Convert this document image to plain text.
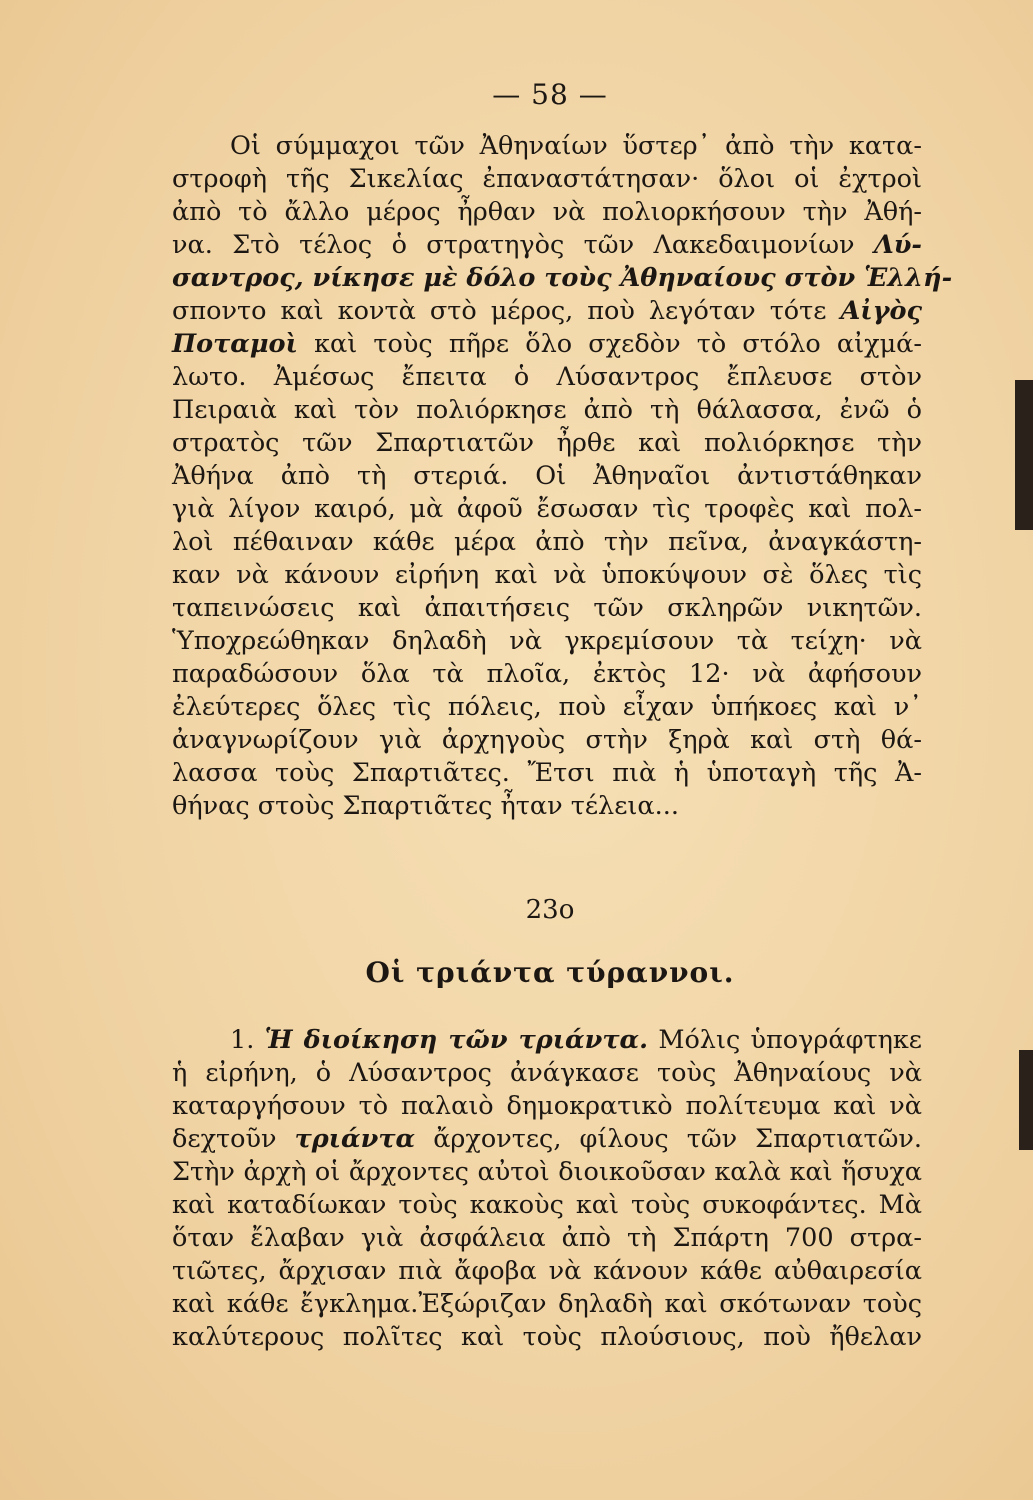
— 58 —
Οἱ σύμμαχοι τῶν Ἀθηναίων ὕστερ᾽ ἀπὸ τὴν κατα-
στροφὴ τῆς Σικελίας ἐπαναστάτησαν· ὅλοι οἱ ἐχτροὶ
ἀπὸ τὸ ἄλλο μέρος ἦρθαν νὰ πολιορκήσουν τὴν Ἀθή-
να. Στὸ τέλος ὁ στρατηγὸς τῶν Λακεδαιμονίων Λύ-
σαντρος, νίκησε μὲ δόλο τοὺς Ἀθηναίους στὸν Ἑλλή-
σποντο καὶ κοντὰ στὸ μέρος, ποὺ λεγόταν τότε Αἰγὸς
Ποταμοὶ καὶ τοὺς πῆρε ὅλο σχεδὸν τὸ στόλο αἰχμά-
λωτο. Ἀμέσως ἔπειτα ὁ Λύσαντρος ἔπλευσε στὸν
Πειραιὰ καὶ τὸν πολιόρκησε ἀπὸ τὴ θάλασσα, ἐνῶ ὁ
στρατὸς τῶν Σπαρτιατῶν ἦρθε καὶ πολιόρκησε τὴν
Ἀθήνα ἀπὸ τὴ στεριά. Οἱ Ἀθηναῖοι ἀντιστάθηκαν
γιὰ λίγον καιρό, μὰ ἀφοῦ ἔσωσαν τὶς τροφὲς καὶ πολ-
λοὶ πέθαιναν κάθε μέρα ἀπὸ τὴν πεῖνα, ἀναγκάστη-
καν νὰ κάνουν εἰρήνη καὶ νὰ ὑποκύψουν σὲ ὅλες τὶς
ταπεινώσεις καὶ ἀπαιτήσεις τῶν σκληρῶν νικητῶν.
Ὑποχρεώθηκαν δηλαδὴ νὰ γκρεμίσουν τὰ τείχη· νὰ
παραδώσουν ὅλα τὰ πλοῖα, ἐκτὸς 12· νὰ ἀφήσουν
ἐλεύτερες ὅλες τὶς πόλεις, ποὺ εἶχαν ὑπήκοες καὶ ν᾽
ἀναγνωρίζουν γιὰ ἀρχηγοὺς στὴν ξηρὰ καὶ στὴ θά-
λασσα τοὺς Σπαρτιᾶτες. Ἔτσι πιὰ ἡ ὑποταγὴ τῆς Ἀ-
θήνας στοὺς Σπαρτιᾶτες ἦταν τέλεια...
23ο
Οἱ τριάντα τύραννοι.
1. Ἡ διοίκηση τῶν τριάντα. Μόλις ὑπογράφτηκε
ἡ εἰρήνη, ὁ Λύσαντρος ἀνάγκασε τοὺς Ἀθηναίους νὰ
καταργήσουν τὸ παλαιὸ δημοκρατικὸ πολίτευμα καὶ νὰ
δεχτοῦν τριάντα ἄρχοντες, φίλους τῶν Σπαρτιατῶν.
Στὴν ἀρχὴ οἱ ἄρχοντες αὐτοὶ διοικοῦσαν καλὰ καὶ ἥσυχα
καὶ καταδίωκαν τοὺς κακοὺς καὶ τοὺς συκοφάντες. Μὰ
ὅταν ἔλαβαν γιὰ ἀσφάλεια ἀπὸ τὴ Σπάρτη 700 στρα-
τιῶτες, ἄρχισαν πιὰ ἄφοβα νὰ κάνουν κάθε αὐθαιρεσία
καὶ κάθε ἔγκλημα.Ἐξώριζαν δηλαδὴ καὶ σκότωναν τοὺς
καλύτερους πολῖτες καὶ τοὺς πλούσιους, ποὺ ἤθελαν
